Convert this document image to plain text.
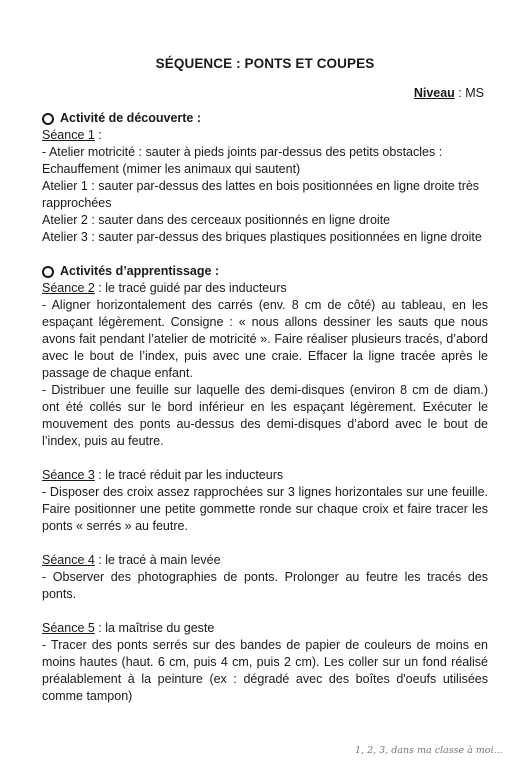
SÉQUENCE : PONTS ET COUPES
Niveau : MS
Activité de découverte :
Séance 1 :
- Atelier motricité : sauter à pieds joints par-dessus des petits obstacles :
Echauffement (mimer les animaux qui sautent)
Atelier 1 : sauter par-dessus des lattes en bois positionnées en ligne droite très rapprochées
Atelier 2 : sauter dans des cerceaux positionnés en ligne droite
Atelier 3 : sauter par-dessus des briques plastiques positionnées en ligne droite
Activités d’apprentissage :
Séance 2 : le tracé guidé par des inducteurs
- Aligner horizontalement des carrés (env. 8 cm de côté) au tableau, en les espaçant légèrement. Consigne : « nous allons dessiner les sauts que nous avons fait pendant l’atelier de motricité ». Faire réaliser plusieurs tracés, d’abord avec le bout de l’index, puis avec une craie. Effacer la ligne tracée après le passage de chaque enfant.
- Distribuer une feuille sur laquelle des demi-disques (environ 8 cm de diam.) ont été collés sur le bord inférieur en les espaçant légèrement. Exécuter le mouvement des ponts au-dessus des demi-disques d’abord avec le bout de l’index, puis au feutre.
Séance 3 : le tracé réduit par les inducteurs
- Disposer des croix assez rapprochées sur 3 lignes horizontales sur une feuille. Faire positionner une petite gommette ronde sur chaque croix et faire tracer les ponts « serrés » au feutre.
Séance 4 : le tracé à main levée
- Observer des photographies de ponts. Prolonger au feutre les tracés des ponts.
Séance 5 : la maîtrise du geste
- Tracer des ponts serrés sur des bandes de papier de couleurs de moins en moins hautes (haut. 6 cm, puis 4 cm, puis 2 cm). Les coller sur un fond réalisé préalablement à la peinture (ex : dégradé avec des boîtes d'oeufs utilisées comme tampon)
1, 2, 3, dans ma classe à moi...
